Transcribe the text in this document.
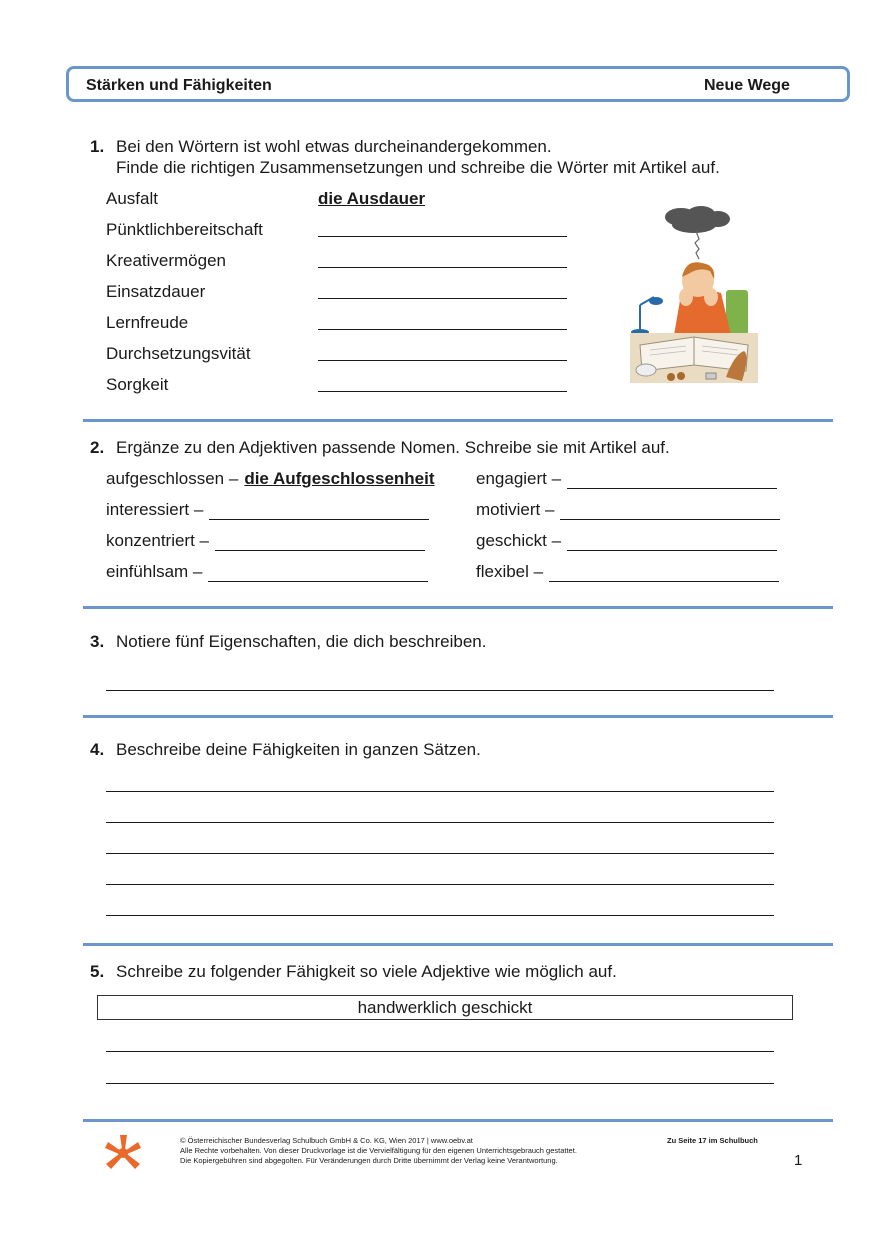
Stärken und Fähigkeiten	Neue Wege
1. Bei den Wörtern ist wohl etwas durcheinandergekommen.
Finde die richtigen Zusammensetzungen und schreibe die Wörter mit Artikel auf.
Ausfalt
Pünktlichbereitschaft
Kreativermögen
Einsatzdauer
Lernfreude
Durchsetzungsvität
Sorgkeit
die Ausdauer
2. Ergänze zu den Adjektiven passende Nomen. Schreibe sie mit Artikel auf.
aufgeschlossen – die Aufgeschlossenheit
interessiert –
konzentriert –
einfühlsam –
engagiert –
motiviert –
geschickt –
flexibel –
3. Notiere fünf Eigenschaften, die dich beschreiben.
4. Beschreibe deine Fähigkeiten in ganzen Sätzen.
5. Schreibe zu folgender Fähigkeit so viele Adjektive wie möglich auf.
handwerklich geschickt
© Österreichischer Bundesverlag Schulbuch GmbH & Co. KG, Wien 2017 | www.oebv.at
Alle Rechte vorbehalten. Von dieser Druckvorlage ist die Vervielfältigung für den eigenen Unterrichtsgebrauch gestattet.
Die Kopiergebühren sind abgegolten. Für Veränderungen durch Dritte übernimmt der Verlag keine Verantwortung.
Zu Seite 17 im Schulbuch
1
